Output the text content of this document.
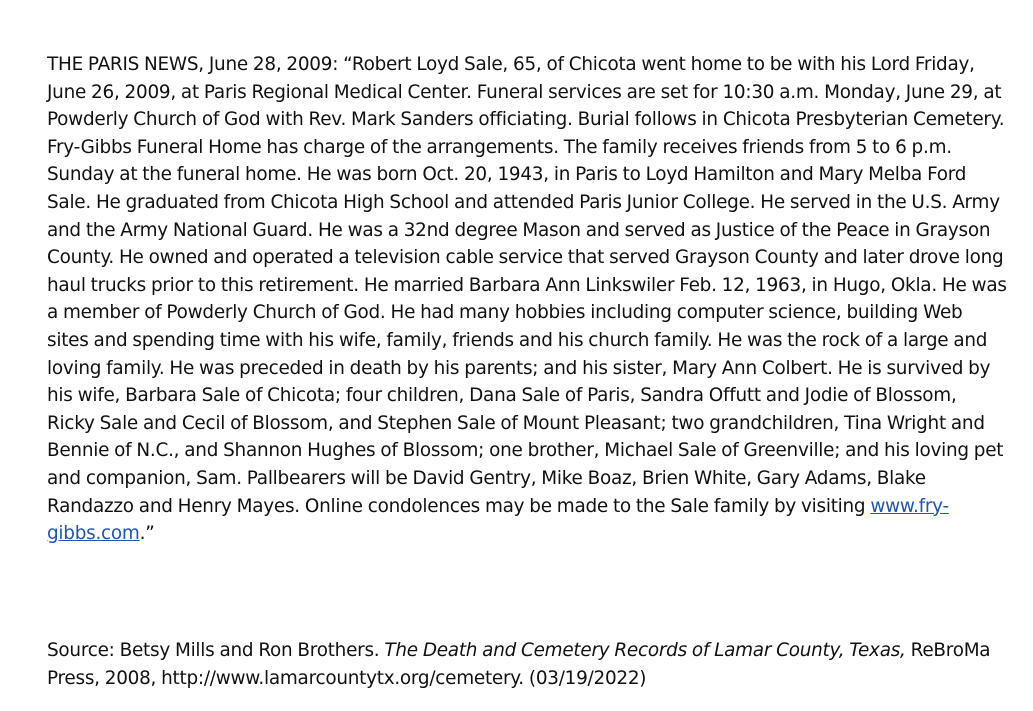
THE PARIS NEWS, June 28, 2009: “Robert Loyd Sale, 65, of Chicota went home to be with his Lord Friday, June 26, 2009, at Paris Regional Medical Center. Funeral services are set for 10:30 a.m. Monday, June 29, at Powderly Church of God with Rev. Mark Sanders officiating. Burial follows in Chicota Presbyterian Cemetery. Fry-Gibbs Funeral Home has charge of the arrangements. The family receives friends from 5 to 6 p.m. Sunday at the funeral home. He was born Oct. 20, 1943, in Paris to Loyd Hamilton and Mary Melba Ford Sale. He graduated from Chicota High School and attended Paris Junior College. He served in the U.S. Army and the Army National Guard. He was a 32nd degree Mason and served as Justice of the Peace in Grayson County. He owned and operated a television cable service that served Grayson County and later drove long haul trucks prior to this retirement. He married Barbara Ann Linkswiler Feb. 12, 1963, in Hugo, Okla. He was a member of Powderly Church of God. He had many hobbies including computer science, building Web sites and spending time with his wife, family, friends and his church family. He was the rock of a large and loving family. He was preceded in death by his parents; and his sister, Mary Ann Colbert. He is survived by his wife, Barbara Sale of Chicota; four children, Dana Sale of Paris, Sandra Offutt and Jodie of Blossom, Ricky Sale and Cecil of Blossom, and Stephen Sale of Mount Pleasant; two grandchildren, Tina Wright and Bennie of N.C., and Shannon Hughes of Blossom; one brother, Michael Sale of Greenville; and his loving pet and companion, Sam. Pallbearers will be David Gentry, Mike Boaz, Brien White, Gary Adams, Blake Randazzo and Henry Mayes. Online condolences may be made to the Sale family by visiting www.fry-gibbs.com.”

Source: Betsy Mills and Ron Brothers. The Death and Cemetery Records of Lamar County, Texas, ReBroMa Press, 2008, http://www.lamarcountytx.org/cemetery. (03/19/2022)
